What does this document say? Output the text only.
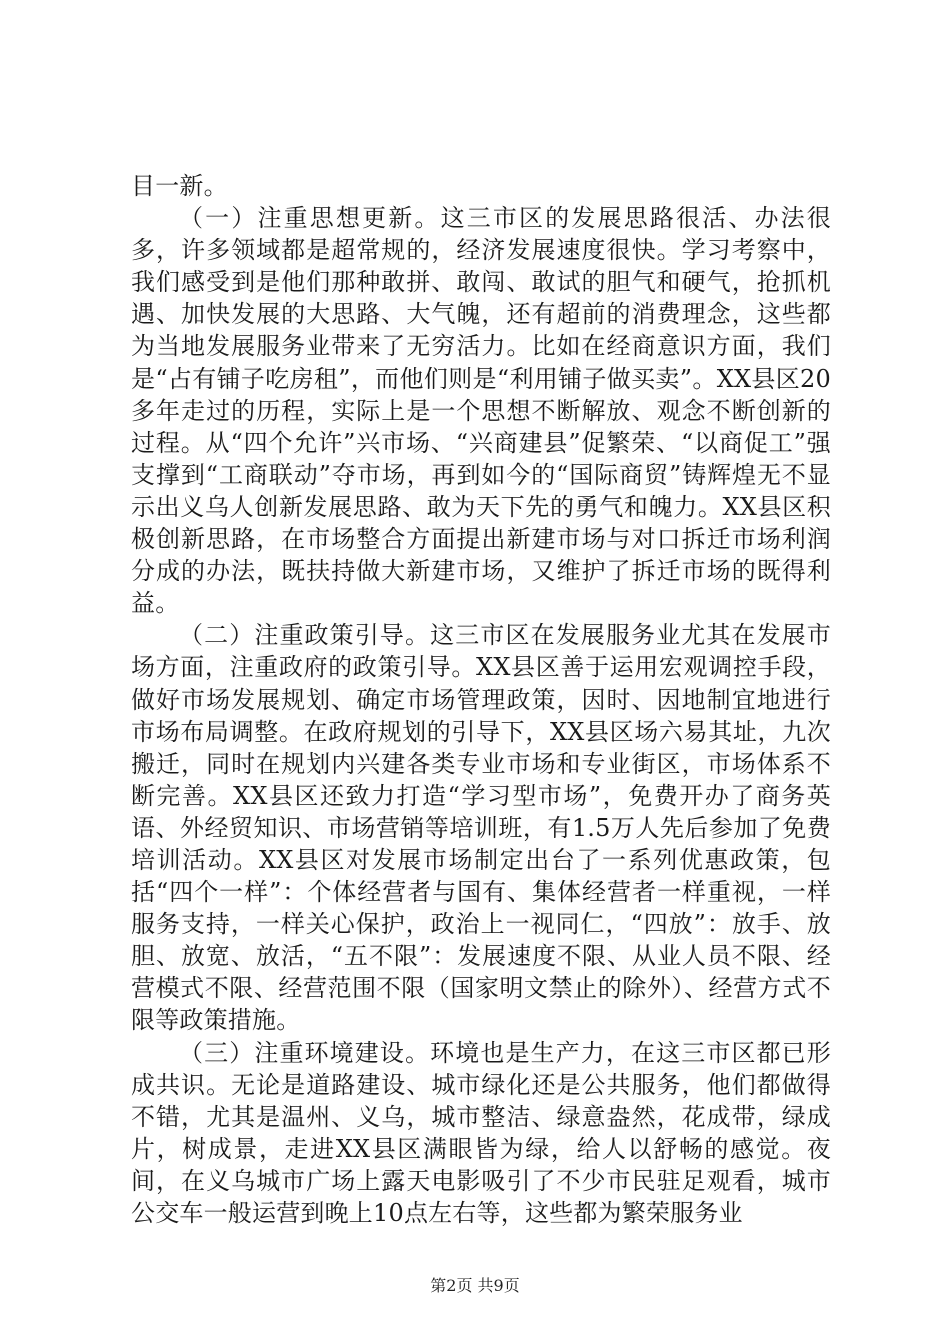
目一新。

（一）注重思想更新。这三市区的发展思路很活、办法很多，许多领域都是超常规的，经济发展速度很快。学习考察中，我们感受到是他们那种敢拼、敢闯、敢试的胆气和硬气，抢抓机遇、加快发展的大思路、大气魄，还有超前的消费理念，这些都为当地发展服务业带来了无穷活力。比如在经商意识方面，我们是“占有铺子吃房租”，而他们则是“利用铺子做买卖”。XX县区20多年走过的历程，实际上是一个思想不断解放、观念不断创新的过程。从“四个允许”兴市场、“兴商建县”促繁荣、“以商促工”强支撑到“工商联动”夺市场，再到如今的“国际商贸”铸辉煌无不显示出义乌人创新发展思路、敢为天下先的勇气和魄力。XX县区积极创新思路，在市场整合方面提出新建市场与对口拆迁市场利润分成的办法，既扶持做大新建市场，又维护了拆迁市场的既得利益。

（二）注重政策引导。这三市区在发展服务业尤其在发展市场方面，注重政府的政策引导。XX县区善于运用宏观调控手段，做好市场发展规划、确定市场管理政策，因时、因地制宜地进行市场布局调整。在政府规划的引导下，XX县区场六易其址，九次搬迁，同时在规划内兴建各类专业市场和专业街区，市场体系不断完善。XX县区还致力打造“学习型市场”，免费开办了商务英语、外经贸知识、市场营销等培训班，有1.5万人先后参加了免费培训活动。XX县区对发展市场制定出台了一系列优惠政策，包括“四个一样”：个体经营者与国有、集体经营者一样重视，一样服务支持，一样关心保护，政治上一视同仁，“四放”：放手、放胆、放宽、放活，“五不限”：发展速度不限、从业人员不限、经营模式不限、经营范围不限（国家明文禁止的除外）、经营方式不限等政策措施。

（三）注重环境建设。环境也是生产力，在这三市区都已形成共识。无论是道路建设、城市绿化还是公共服务，他们都做得不错，尤其是温州、义乌，城市整洁、绿意盎然，花成带，绿成片，树成景，走进XX县区满眼皆为绿，给人以舒畅的感觉。夜间，在义乌城市广场上露天电影吸引了不少市民驻足观看，城市公交车一般运营到晚上10点左右等，这些都为繁荣服务业

第2页 共9页
